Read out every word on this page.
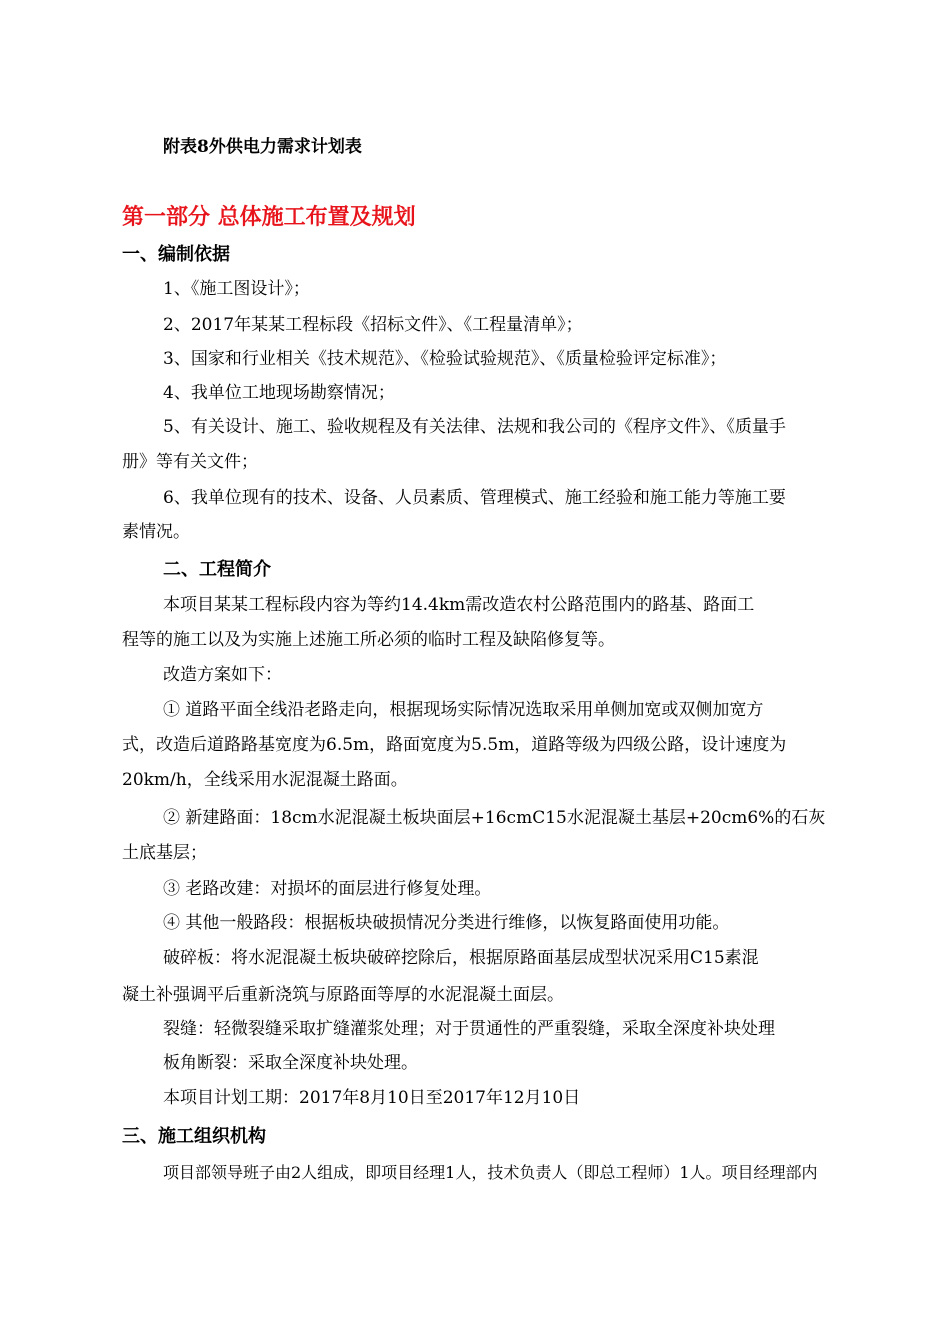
附表8外供电力需求计划表

第一部分 总体施工布置及规划

一、编制依据

1、《施工图设计》；

2、2017年某某工程标段《招标文件》、《工程量清单》；

3、国家和行业相关《技术规范》、《检验试验规范》、《质量检验评定标准》；

4、我单位工地现场勘察情况；

5、有关设计、施工、验收规程及有关法律、法规和我公司的《程序文件》、《质量手

册》等有关文件；

6、我单位现有的技术、设备、人员素质、管理模式、施工经验和施工能力等施工要

素情况。

二、工程简介

本项目某某工程标段内容为等约14.4km需改造农村公路范围内的路基、路面工

程等的施工以及为实施上述施工所必须的临时工程及缺陷修复等。

改造方案如下：

① 道路平面全线沿老路走向，根据现场实际情况选取采用单侧加宽或双侧加宽方

式，改造后道路路基宽度为6.5m，路面宽度为5.5m，道路等级为四级公路，设计速度为

20km/h，全线采用水泥混凝土路面。

② 新建路面：18cm水泥混凝土板块面层+16cmC15水泥混凝土基层+20cm6%的石灰

土底基层；

③ 老路改建：对损坏的面层进行修复处理。

④ 其他一般路段：根据板块破损情况分类进行维修，以恢复路面使用功能。

破碎板：将水泥混凝土板块破碎挖除后，根据原路面基层成型状况采用C15素混

凝土补强调平后重新浇筑与原路面等厚的水泥混凝土面层。

裂缝：轻微裂缝采取扩缝灌浆处理；对于贯通性的严重裂缝，采取全深度补块处理

板角断裂：采取全深度补块处理。

本项目计划工期：2017年8月10日至2017年12月10日

三、施工组织机构

项目部领导班子由2人组成，即项目经理1人，技术负责人（即总工程师）1人。项目经理部内
